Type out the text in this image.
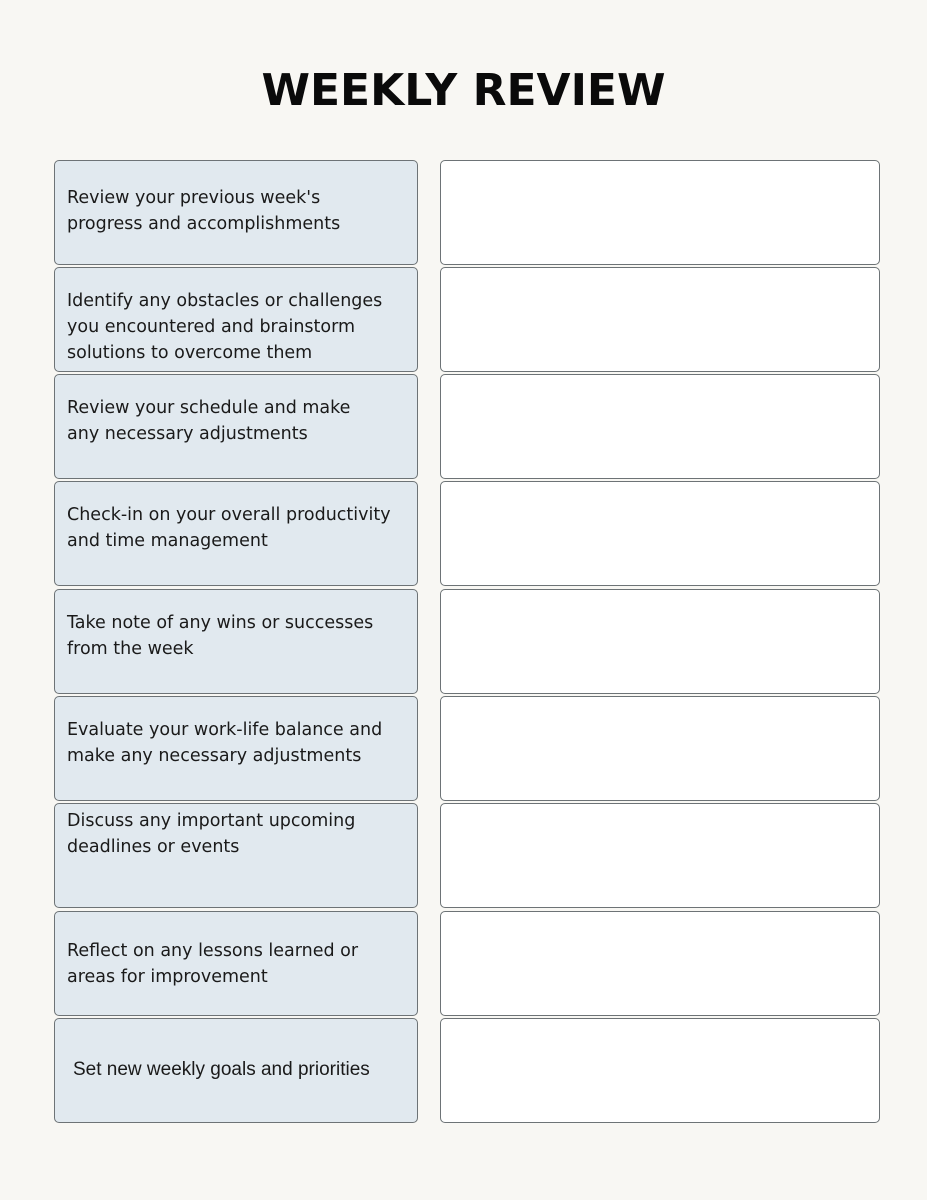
WEEKLY REVIEW
Review your previous week's
progress and accomplishments
Identify any obstacles or challenges
you encountered and brainstorm
solutions to overcome them
Review your schedule and make
any necessary adjustments
Check-in on your overall productivity
and time management
Take note of any wins or successes
from the week
Evaluate your work-life balance and
make any necessary adjustments
Discuss any important upcoming
deadlines or events
Reflect on any lessons learned or
areas for improvement
Set new weekly goals and priorities
